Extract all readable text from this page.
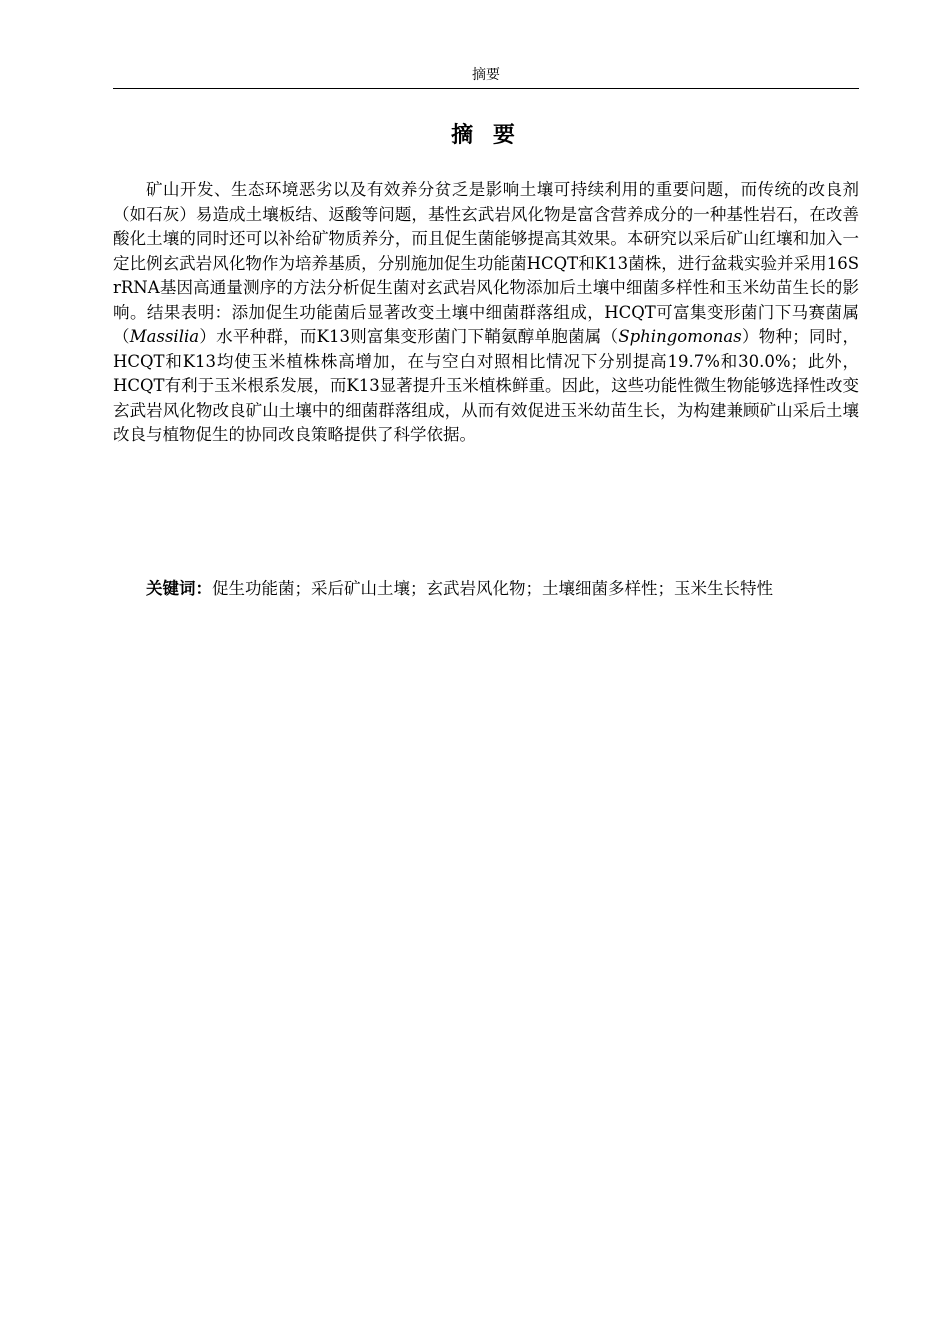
摘要
摘 要

矿山开发、生态环境恶劣以及有效养分贫乏是影响土壤可持续利用的重要问题，而传统的改良剂（如石灰）易造成土壤板结、返酸等问题，基性玄武岩风化物是富含营养成分的一种基性岩石，在改善酸化土壤的同时还可以补给矿物质养分，而且促生菌能够提高其效果。本研究以采后矿山红壤和加入一定比例玄武岩风化物作为培养基质，分别施加促生功能菌HCQT和K13菌株，进行盆栽实验并采用16S rRNA基因高通量测序的方法分析促生菌对玄武岩风化物添加后土壤中细菌多样性和玉米幼苗生长的影响。结果表明：添加促生功能菌后显著改变土壤中细菌群落组成，HCQT可富集变形菌门下马赛菌属（Massilia）水平种群，而K13则富集变形菌门下鞘氨醇单胞菌属（Sphingomonas）物种；同时，HCQT和K13均使玉米植株株高增加，在与空白对照相比情况下分别提高19.7%和30.0%；此外，HCQT有利于玉米根系发展，而K13显著提升玉米植株鲜重。因此，这些功能性微生物能够选择性改变玄武岩风化物改良矿山土壤中的细菌群落组成，从而有效促进玉米幼苗生长，为构建兼顾矿山采后土壤改良与植物促生的协同改良策略提供了科学依据。

关键词：促生功能菌；采后矿山土壤；玄武岩风化物；土壤细菌多样性；玉米生长特性
